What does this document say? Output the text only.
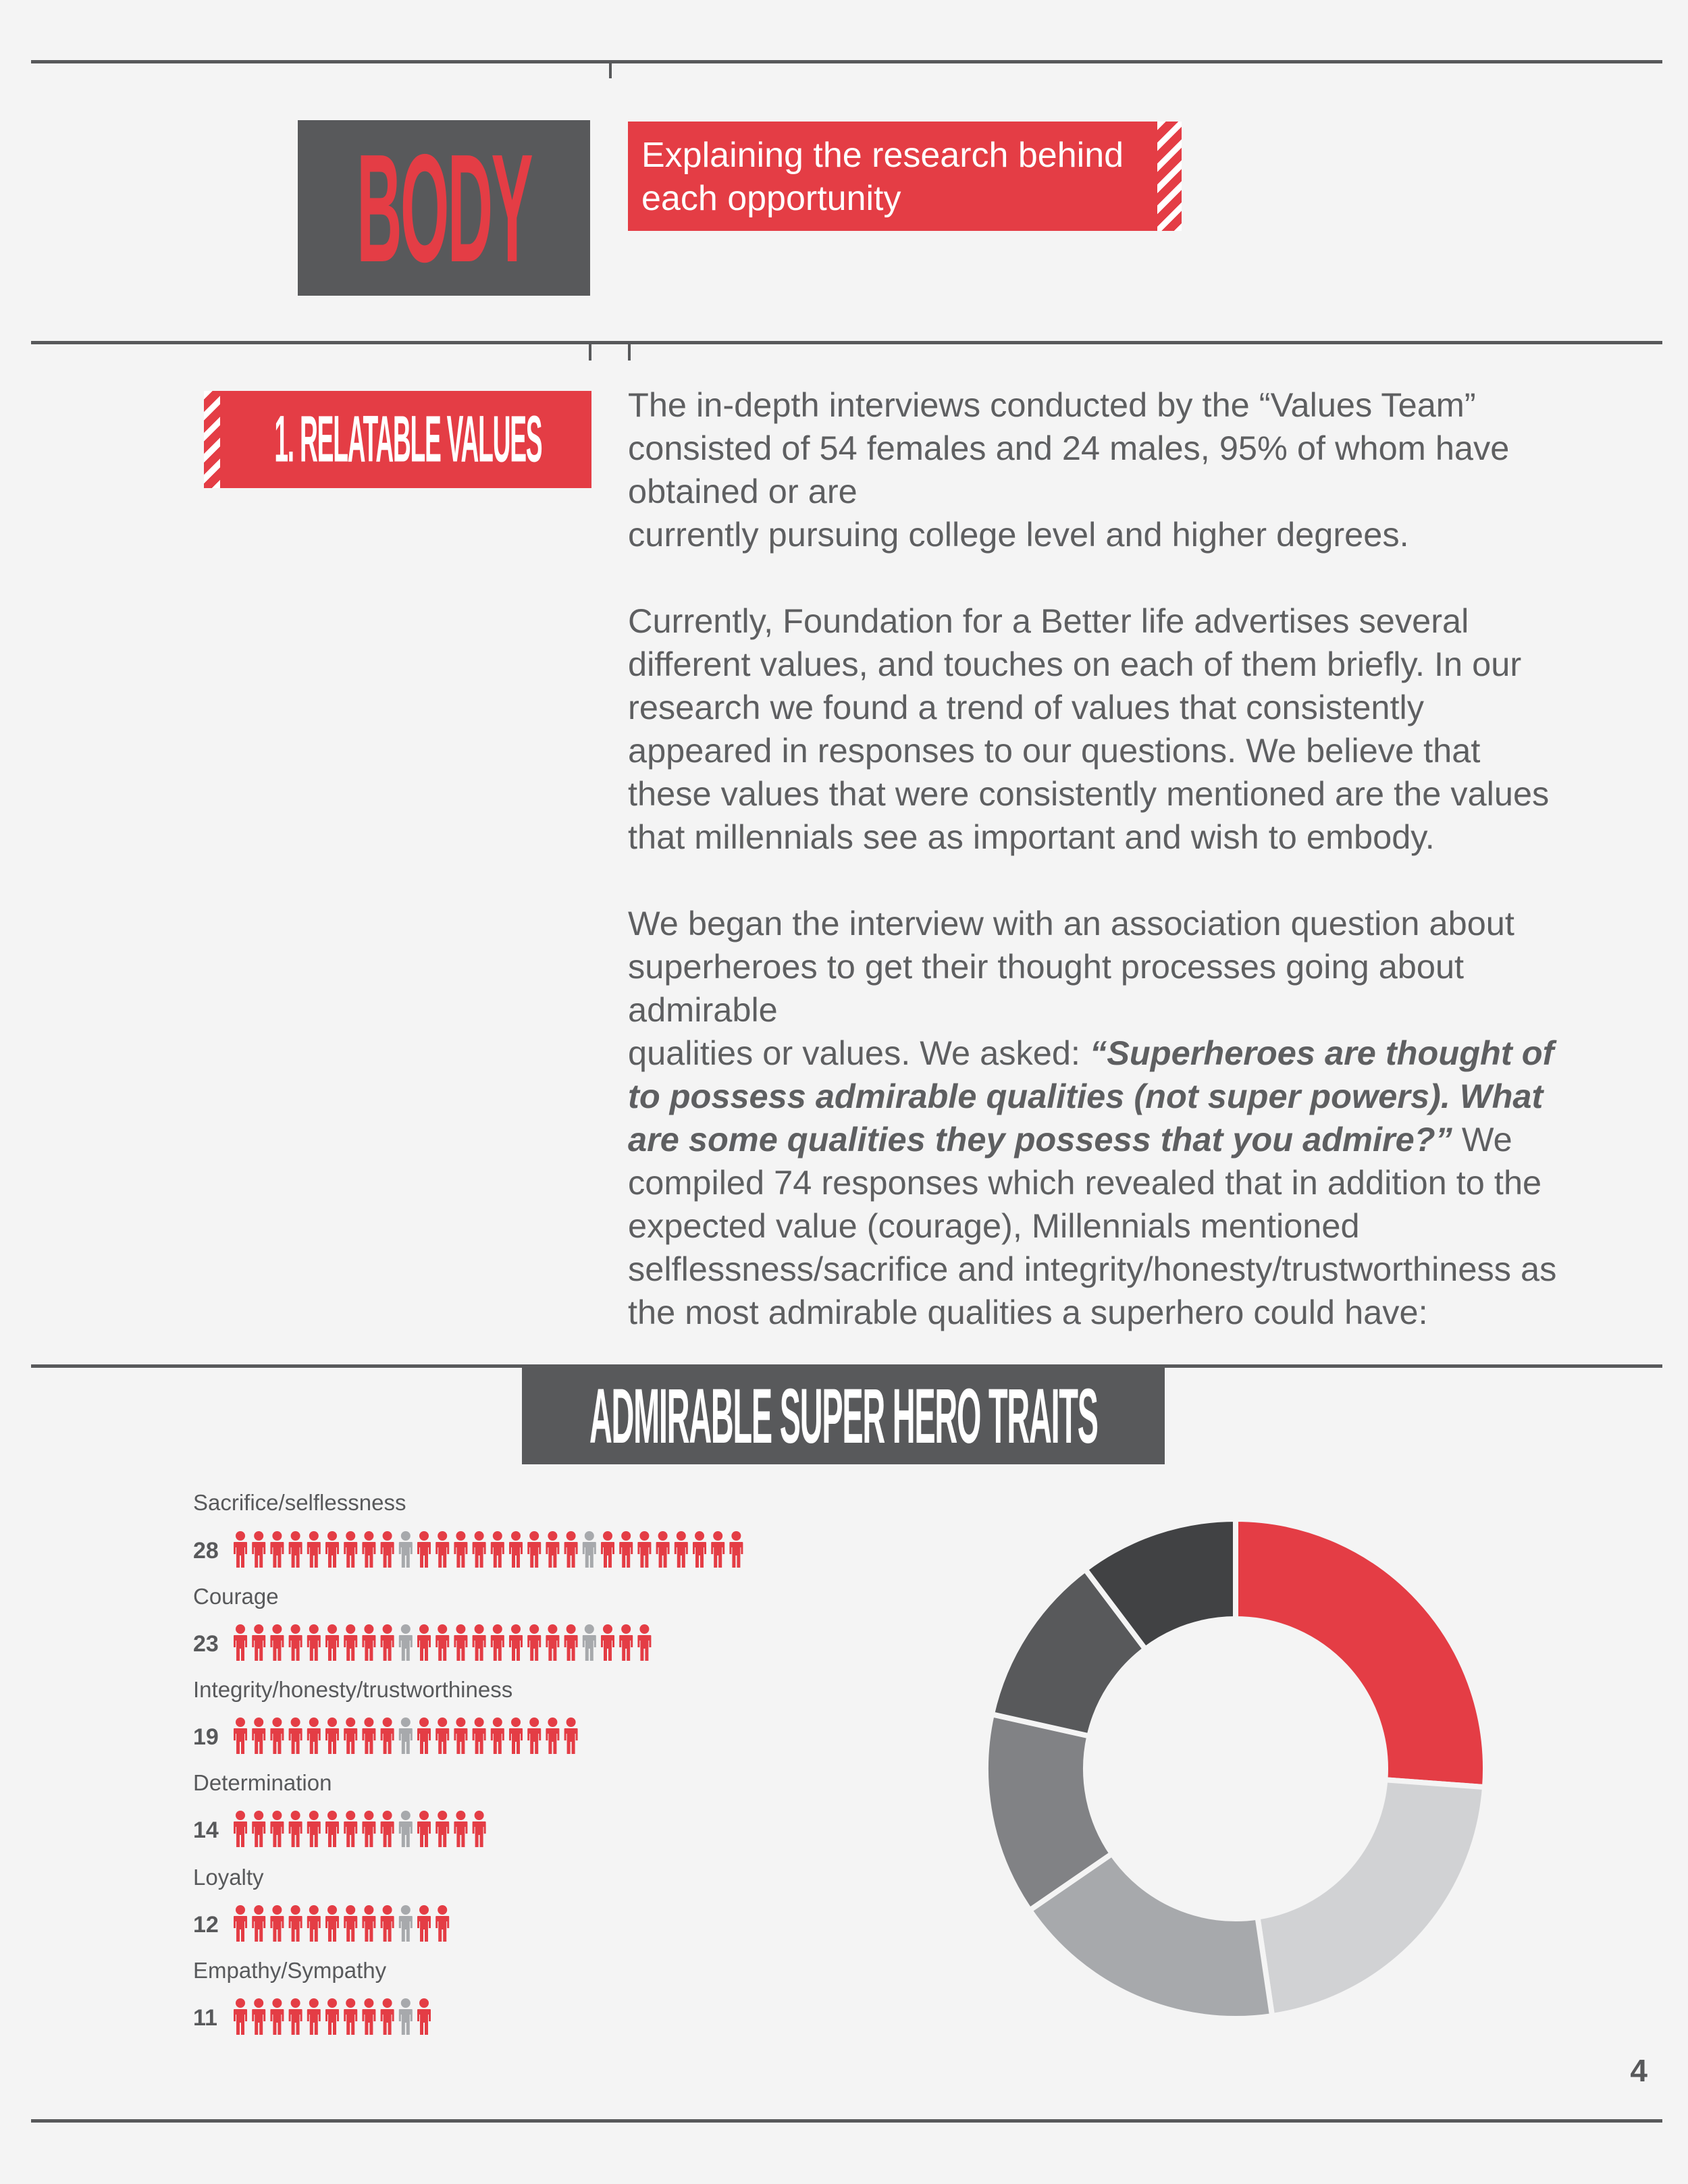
BODY	Explaining the research behind
each opportunity
1. RELATABLE VALUES	The in-depth interviews conducted by the “Values Team”
consisted of 54 females and 24 males, 95% of whom have
obtained or are
currently pursuing college level and higher degrees.

Currently, Foundation for a Better life advertises several
different values, and touches on each of them briefly. In our
research we found a trend of values that consistently
appeared in responses to our questions. We believe that
these values that were consistently mentioned are the values
that millennials see as important and wish to embody.

We began the interview with an association question about
superheroes to get their thought processes going about
admirable
qualities or values. We asked: “Superheroes are thought of
to possess admirable qualities (not super powers). What
are some qualities they possess that you admire?” We
compiled 74 responses which revealed that in addition to the
expected value (courage), Millennials mentioned
selflessness/sacrifice and integrity/honesty/trustworthiness as
the most admirable qualities a superhero could have:

ADMIRABLE SUPER HERO TRAITS
Sacrifice/selflessness
28
Courage
23
Integrity/honesty/trustworthiness
19
Determination
14
Loyalty
12
Empathy/Sympathy
11
4
